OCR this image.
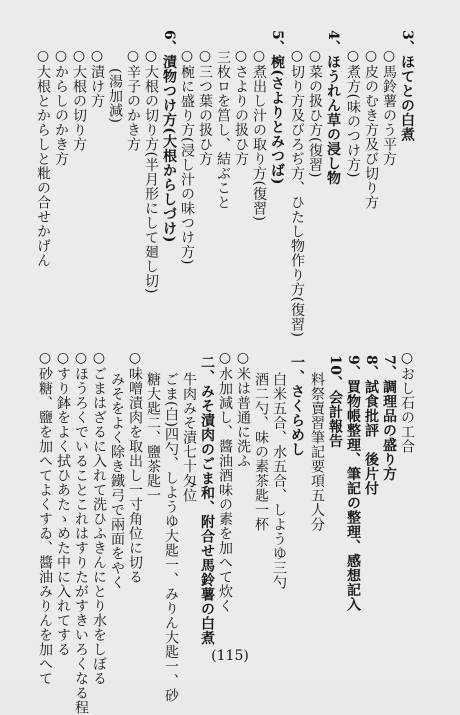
3、ほてとの白煮
○馬鈴薯のう平方
○皮のむき方及び切り方
○煮方(味のつけ方)
4、ほうれん草の浸し物
○菜の扱ひ方(復習)
○切り方及びろぢ方、ひたし物作り方(復習)
5、椀(さよりとみつば)
○煮出し汁の取り方(復習)
○さよりの扱ひ方
三枚ロを筥し、結ぶこと
○三つ葉の扱ひ方
○椀に盛り方(浸し汁の味つけ方)
6、漬物つけ方(大根からしづけ)
○大根の切り方(半月形にして廻し切)
○辛子のかき方
(湯加減)
○漬け方
○大根の切り方
○からしのかき方
○大根とからしと粃の合せかげん
○おし石の工合
7、調理品の盛り方
8、試食批評　後片付
9、買物帳整理、筆記の整理、感想記入
10、会計報告
料祭賣習筆記要項五人分
一、さくらめし
白米五合、水五合、しようゆ三勺
酒二勺、味の素茶匙一杯
○米は普通に洗ふ
○水加減し、醬油酒味の素を加へて炊く
二、みそ漬肉のごま和、附合せ馬鈴薯の白煮
牛肉みそ漬七十匁位
ごま(白)四勺、しようゆ大匙一、みりん大匙一、砂
糖大匙二、鹽茶匙一
○味噌漬肉を取出し一寸角位に切る
みそをよく除き鐵弓で兩面をやく
○ごまはざるに入れて洗ひふきんにとり水をしぼる
○ほうろくでいることこれはすりたがすきいろくなる程
○すり鉢をよく拭ひあたゝめた中に入れてする
○砂糖、鹽を加へてよくすゐ、醬油みりんを加へて	(115)
